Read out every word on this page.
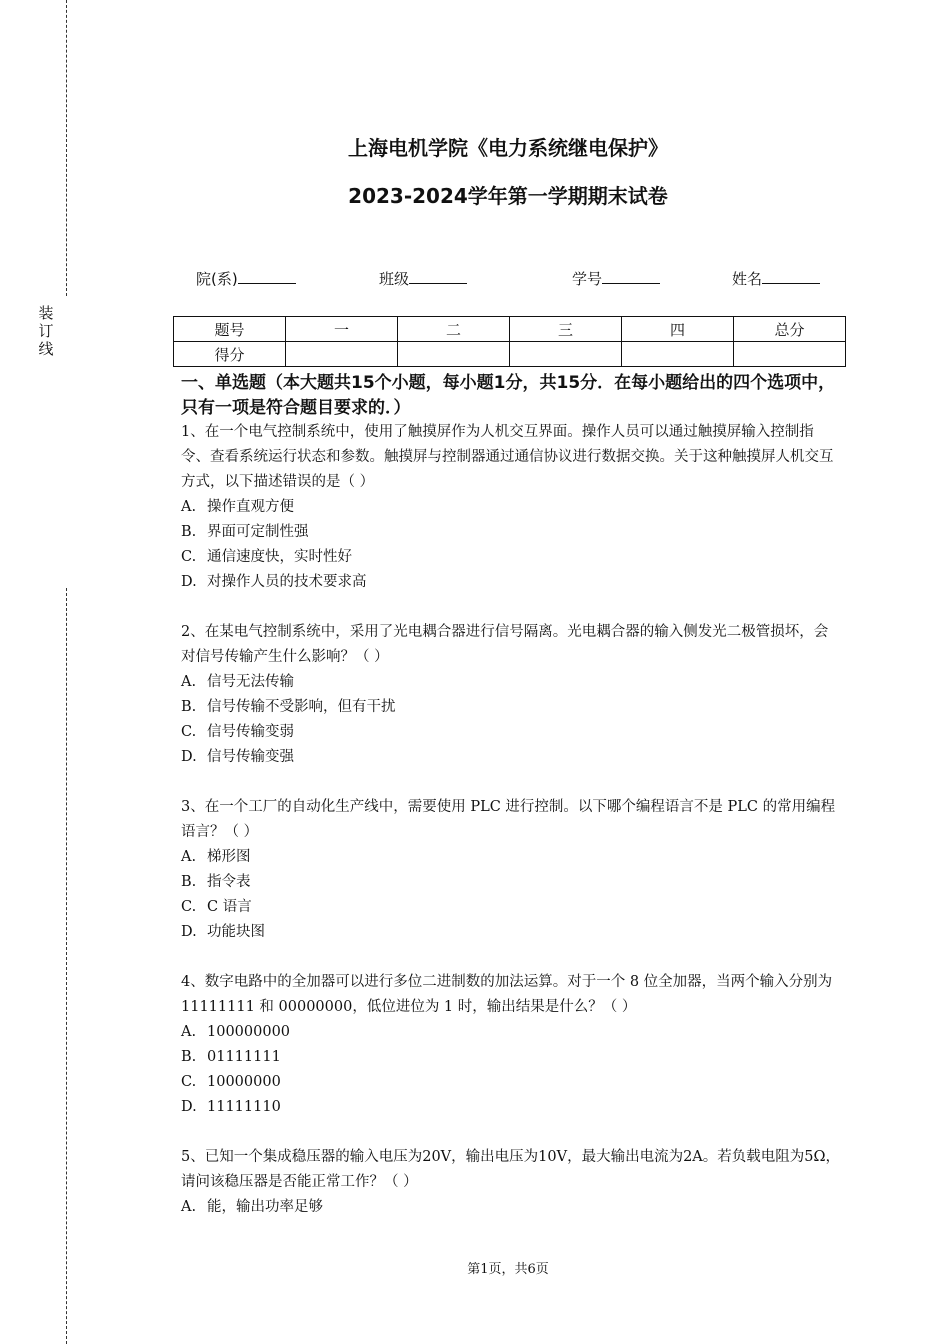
装
订
线
上海电机学院《电力系统继电保护》
2023-2024学年第一学期期末试卷
院(系)	班级	学号	姓名
题号	一	二	三	四	总分
得分					
一、单选题（本大题共15个小题，每小题1分，共15分．在每小题给出的四个选项中，只有一项是符合题目要求的．）

1、在一个电气控制系统中，使用了触摸屏作为人机交互界面。操作人员可以通过触摸屏输入控制指令、查看系统运行状态和参数。触摸屏与控制器通过通信协议进行数据交换。关于这种触摸屏人机交互方式，以下描述错误的是（ ）

A. 操作直观方便

B. 界面可定制性强

C. 通信速度快，实时性好

D. 对操作人员的技术要求高

2、在某电气控制系统中，采用了光电耦合器进行信号隔离。光电耦合器的输入侧发光二极管损坏，会对信号传输产生什么影响？（ ）

A. 信号无法传输

B. 信号传输不受影响，但有干扰

C. 信号传输变弱

D. 信号传输变强

3、在一个工厂的自动化生产线中，需要使用 PLC 进行控制。以下哪个编程语言不是 PLC 的常用编程语言？（ ）

A. 梯形图

B. 指令表

C. C 语言

D. 功能块图

4、数字电路中的全加器可以进行多位二进制数的加法运算。对于一个 8 位全加器，当两个输入分别为 11111111 和 00000000，低位进位为 1 时，输出结果是什么？（ ）

A. 100000000

B. 01111111

C. 10000000

D. 11111110

5、已知一个集成稳压器的输入电压为20V，输出电压为10V，最大输出电流为2A。若负载电阻为5Ω，请问该稳压器是否能正常工作？（ ）

A. 能，输出功率足够

第1页，共6页
